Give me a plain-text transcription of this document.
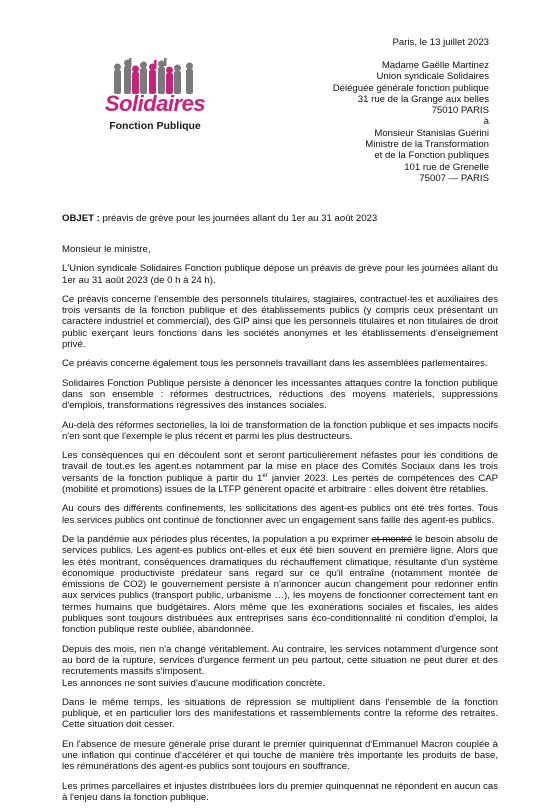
Paris, le 13 juillet 2023
Solidaires
Fonction Publique
Madame Gaëlle Martinez
Union syndicale Solidaires
Déléguée générale fonction publique
31 rue de la Grange aux belles
75010 PARIS
à
Monsieur Stanislas Guérini
Ministre de la Transformation
et de la Fonction publiques
101 rue de Grenelle
75007 — PARIS
OBJET : préavis de grève pour les journées allant du 1er au 31 août 2023

Monsieur le ministre,

L'Union syndicale Solidaires Fonction publique dépose un préavis de grève pour les journées allant du 1er au 31 août 2023 (de 0 h à 24 h).

Ce préavis concerne l'ensemble des personnels titulaires, stagiaires, contractuel·les et auxiliaires des trois versants de la fonction publique et des établissements publics (y compris ceux présentant un caractère industriel et commercial), des GIP ainsi que les personnels titulaires et non titulaires de droit public exerçant leurs fonctions dans les sociétés anonymes et les établissements d'enseignement privé.

Ce préavis concerne également tous les personnels travaillant dans les assemblées parlementaires.

Solidaires Fonction Publique persiste à dénoncer les incessantes attaques contre la fonction publique dans son ensemble : réformes destructrices, réductions des moyens matériels, suppressions d'emplois, transformations régressives des instances sociales.

Au-delà des réformes sectorielles, la loi de transformation de la fonction publique et ses impacts nocifs n'en sont que l'exemple le plus récent et parmi les plus destructeurs.

Les conséquences qui en découlent sont et seront particulièrement néfastes pour les conditions de travail de tout.es les agent.es notamment par la mise en place des Comités Sociaux dans les trois versants de la fonction publique à partir du 1er janvier 2023. Les pertes de compétences des CAP (mobilité et promotions) issues de la LTFP génèrent opacité et arbitraire : elles doivent être rétablies.

Au cours des différents confinements, les sollicitations des agent-es publics ont été très fortes. Tous les services publics ont continué de fonctionner avec un engagement sans faille des agent-es publics.

De la pandémie aux périodes plus récentes, la population a pu exprimer et montré le besoin absolu de services publics. Les agent-es publics ont-elles et eux été bien souvent en première ligne. Alors que les étés montrant, conséquences dramatiques du réchauffement climatique, résultante d'un système économique productiviste prédateur sans regard sur ce qu'il entraîne (notamment montée de émissions de CO2) le gouvernement persiste à n'annoncer aucun changement pour redonner enfin aux services publics (transport public, urbanisme …), les moyens de fonctionner correctement tant en termes humains que budgétaires. Alors même que les exonérations sociales et fiscales, les aides publiques sont toujours distribuées aux entreprises sans éco-conditionnalité ni condition d'emploi, la fonction publique reste oubliée, abandonnée.

Depuis des mois, rien n'a changé véritablement. Au contraire, les services notamment d'urgence sont au bord de la rupture, services d'urgence ferment un peu partout, cette situation ne peut durer et des recrutements massifs s'imposent.

Les annonces ne sont suivies d'aucune modification concrète.

Dans le même temps, les situations de répression se multiplient dans l'ensemble de la fonction publique, et en particulier lors des manifestations et rassemblements contre la réforme des retraites. Cette situation doit cesser.

En l'absence de mesure générale prise durant le premier quinquennat d'Emmanuel Macron couplée à une inflation qui continue d'accélérer et qui touche de manière très importante les produits de base, les rémunérations des agent-es publics sont toujours en souffrance.

Les primes parcellaires et injustes distribuées lors du premier quinquennat ne répondent en aucun cas à l'enjeu dans la fonction publique.
